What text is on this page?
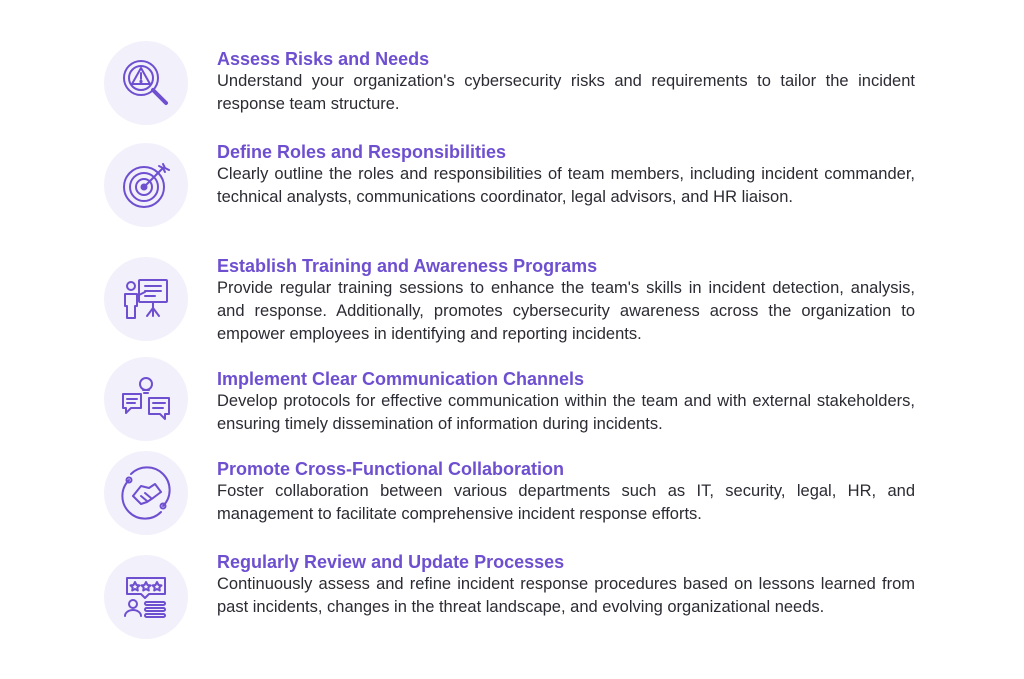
Assess Risks and Needs

Understand your organization's cybersecurity risks and requirements to tailor the incident response team structure.

Define Roles and Responsibilities

Clearly outline the roles and responsibilities of team members, including incident commander, technical analysts, communications coordinator, legal advisors, and HR liaison.

Establish Training and Awareness Programs

Provide regular training sessions to enhance the team's skills in incident detection, analysis, and response. Additionally, promotes cybersecurity awareness across the organization to empower employees in identifying and reporting incidents.

Implement Clear Communication Channels

Develop protocols for effective communication within the team and with external stakeholders, ensuring timely dissemination of information during incidents.

Promote Cross-Functional Collaboration

Foster collaboration between various departments such as IT, security, legal, HR, and management to facilitate comprehensive incident response efforts.

Regularly Review and Update Processes

Continuously assess and refine incident response procedures based on lessons learned from past incidents, changes in the threat landscape, and evolving organizational needs.
